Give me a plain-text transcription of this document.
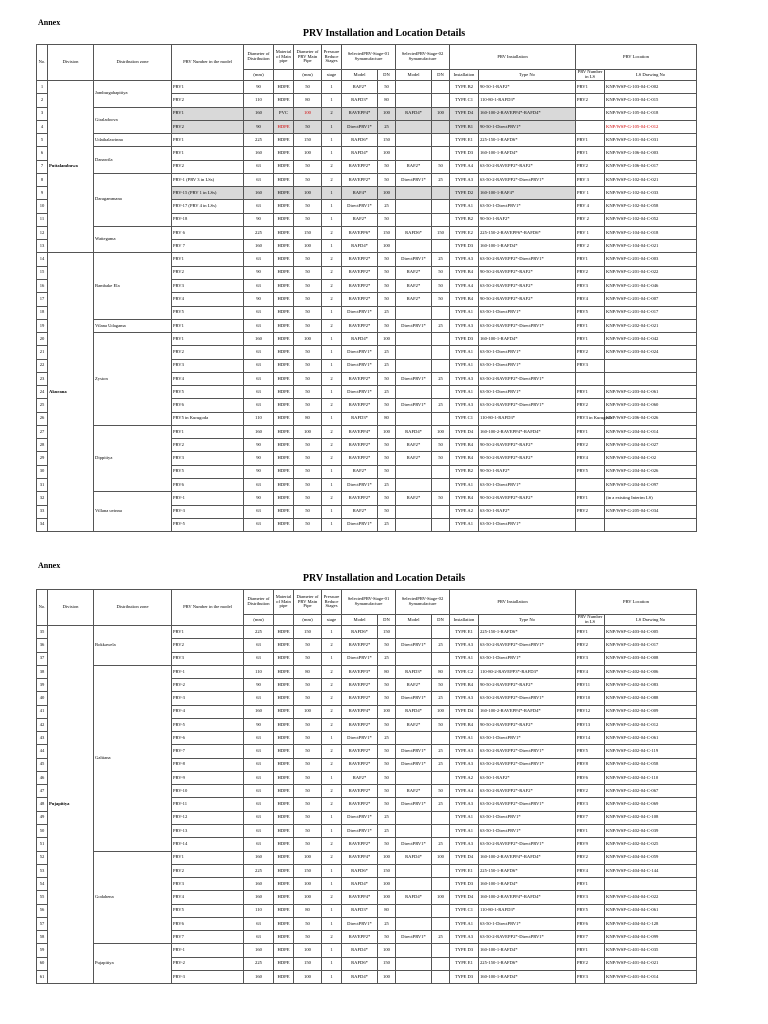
Annex
PRV Installation and Location Details
No.	Division	Distribution zone	PRV Number in the model	Diameter of Distribution	Material of Main pipe	Diameter of PRV Main Pipe	Pressure Reduce Stages	SelectedPRV-Stage-01 Symanufacture		SelectedPRV-Stage-02 Symanufacture		PRV Installation		PRV Location	

				(mm)		(mm)	stage	Model	DN	Model	DN	Installation	Type No	PRV Number in LS	LS Drawing No
1	Puttalambuwa	Jamburgahapitiya	PRV1	90	HDPE	50	1	RAF2*	50			TYPE B2	90-50-1-RAF2*	PRV1	KNP/WSP-G-103-04-C-002
2			PRV2	110	HDPE	80	1	RAFD3*	80			TYPE C1	110-80-1-RAFD3*	PRV2	KNP/WSP-G-103-04-C-015
3		Giraladoova	PRV1	160	PVC	100	2	RAVEPP4*	100	RAFD4*	100	TYPE D4	160-100-2-RAVEPP4*-RAFD4*		KNP/WSP-G-105-04-C-018
4			PRV2	90	HDPE	50	1	DirectPRV1*	25			TYPE B1	90-50-1-DirectPRV1*		KNP/WSP-G-105-04-C-012
5		Udathalawinna	PRV1	225	HDPE	150	1	RAFD6*	150			TYPE E1	225-150-1-RAFD6*	PRV1	KNP/WSP-G-101-04-C-031
6		Danawila	PRV1	160	HDPE	100	1	RAFD4*	100			TYPE D3	160-100-1-RAFD4*	PRV1	KNP/WSP-G-106-04-C-003
7			PRV2	63	HDPE	50	2	RAVEPP2*	50	RAF2*	50	TYPE A4	63-50-2-RAVEPP2*-RAF2*	PRV2	KNP/WSP-G-106-04-C-017
8		Daragammana	PRV-1 (PRV 3 in LSs)	63	HDPE	50	2	RAVEPP2*	50	DirectPRV1*	25	TYPE A3	63-50-2-RAVEPP2*-DirectPRV1*	PRV 3	KNP/WSP-G-102-04-C-021
9			PRV-15 (PRV 1 in LSs)	160	HDPE	100	1	RAF4*	100			TYPE D2	160-100-1-RAF4*	PRV 1	KNP/WSP-G-102-04-C-033
10			PRV-17 (PRV 4 in LSs)	63	HDPE	50	1	DirectPRV1*	25			TYPE A1	63-50-1-DirectPRV1*	PRV 4	KNP/WSP-G-102-04-C-058
11			PRV-18	90	HDPE	50	1	RAF2*	50			TYPE B2	90-50-1-RAF2*	PRV 2	KNP/WSP-G-102-04-C-052
12		Wattegama	PRV 6	225	HDPE	150	2	RAVEPP6*	150	RAFD6*	150	TYPE E2	225-150-2-RAVEPP6*-RAFD6*	PRV 1	KNP/WSP-G-104-04-C-018
13			PRV 7	160	HDPE	100	1	RAFD4*	100			TYPE D3	160-100-1-RAFD4*	PRV 2	KNP/WSP-G-104-04-C-021
14	Akurana	Bambake Ela	PRV1	63	HDPE	50	2	RAVEPP2*	50	DirectPRV1*	25	TYPE A3	63-50-2-RAVEPP2*-DirectPRV1*	PRV1	KNP/WSP-G-201-04-C-003
15			PRV2	90	HDPE	50	2	RAVEPP2*	50	RAF2*	50	TYPE B4	90-50-2-RAVEPP2*-RAF2*	PRV2	KNP/WSP-G-201-04-C-022
16			PRV3	63	HDPE	50	2	RAVEPP2*	50	RAF2*	50	TYPE A4	63-50-2-RAVEPP2*-RAF2*	PRV3	KNP/WSP-G-201-04-C-046
17			PRV4	90	HDPE	50	2	RAVEPP2*	50	RAF2*	50	TYPE B4	90-50-2-RAVEPP2*-RAF2*	PRV4	KNP/WSP-G-201-04-C-007
18			PRV5	63	HDPE	50	1	DirectPRV1*	25			TYPE A1	63-50-1-DirectPRV1*	PRV5	KNP/WSP-G-201-04-C-017
19		Vilana Udagama	PRV1	63	HDPE	50	2	RAVEPP2*	50	DirectPRV1*	25	TYPE A3	63-50-2-RAVEPP2*-DirectPRV1*	PRV1	KNP/WSP-G-202-04-C-021
20		Zyston	PRV1	160	HDPE	100	1	RAFD4*	100			TYPE D3	160-100-1-RAFD4*	PRV1	KNP/WSP-G-203-04-C-042
21			PRV2	63	HDPE	50	1	DirectPRV1*	25			TYPE A1	63-50-1-DirectPRV1*	PRV2	KNP/WSP-G-203-04-C-024
22			PRV3	63	HDPE	50	1	DirectPRV1*	25			TYPE A1	63-50-1-DirectPRV1*	PRV3	
23			PRV4	63	HDPE	50	2	RAVEPP2*	50	DirectPRV1*	25	TYPE A3	63-50-2-RAVEPP2*-DirectPRV1*		
24			PRV5	63	HDPE	50	1	DirectPRV1*	25			TYPE A1	63-50-1-DirectPRV1*	PRV1	KNP/WSP-G-203-04-C-061
25			PRV6	63	HDPE	50	2	RAVEPP2*	50	DirectPRV1*	25	TYPE A3	63-50-2-RAVEPP2*-DirectPRV1*	PRV2	KNP/WSP-G-203-04-C-060
26			PRV5 in Kurugoda	110	HDPE	80	1	RAFD3*	80			TYPE C1	110-80-1-RAFD3*	PRV3 in Kurugoda	KNP/WSP-G-206-04-C-026
27		Dippitiya	PRV1	160	HDPE	100	2	RAVEPP4*	100	RAFD4*	100	TYPE D4	160-100-2-RAVEPP4*-RAFD4*	PRV1	KNP/WSP-G-204-04-C-014
28			PRV2	90	HDPE	50	2	RAVEPP2*	50	RAF2*	50	TYPE B4	90-50-2-RAVEPP2*-RAF2*	PRV2	KNP/WSP-G-204-04-C-027
29			PRV3	90	HDPE	50	2	RAVEPP2*	50	RAF2*	50	TYPE B4	90-50-2-RAVEPP2*-RAF2*	PRV4	KNP/WSP-G-204-04-C-02
30			PRV5	90	HDPE	50	1	RAF2*	50			TYPE B2	90-50-1-RAF2*	PRV5	KNP/WSP-G-204-04-C-026
31			PRV6	63	HDPE	50	1	DirectPRV1*	25			TYPE A1	63-50-1-DirectPRV1*		KNP/WSP-G-204-04-C-097
32		Villana uvinna	PRV-1	90	HDPE	50	2	RAVEPP2*	50	RAF2*	50	TYPE B4	90-50-2-RAVEPP2*-RAF2*	PRV1	(in a existing Interim LS)
33			PRV-3	63	HDPE	50	1	RAF2*	50			TYPE A2	63-50-1-RAF2*	PRV2	KNP/WSP-G-205-04-C-034
34			PRV-5	63	HDPE	50	1	DirectPRV1*	25			TYPE A1	63-50-1-DirectPRV1*		
Annex
PRV Installation and Location Details
No.	Division	Distribution zone	PRV Number in the model	Diameter of Distribution	Material of Main pipe	Diameter of PRV Main Pipe	Pressure Reduce Stages	SelectedPRV-Stage-01 Symanufacture		SelectedPRV-Stage-02 Symanufacture		PRV Installation		PRV Location	

				(mm)		(mm)	stage	Model	DN	Model	DN	Installation	Type No	PRV Number in LS	LS Drawing No
35	Pujapitiya	Bokkawela	PRV1	225	HDPE	150	1	RAFD6*	150			TYPE E1	225-150-1-RAFD6*	PRV1	KNP/WSP-G-403-04-C-005
36			PRV2	63	HDPE	50	2	RAVEPP2*	50	DirectPRV1*	25	TYPE A3	63-50-2-RAVEPP2*-DirectPRV1*	PRV2	KNP/WSP-G-403-04-C-017
37			PRV3	63	HDPE	50	1	DirectPRV1*	25			TYPE A1	63-50-1-DirectPRV1*	PRV3	KNP/WSP-G-403-04-C-008
38		Galtiana	PRV-1	110	HDPE	80	2	RAVEPP3*	80	RAFD3*	80	TYPE C2	110-80-2-RAVEPP3*-RAFD3*	PRV4	KNP/WSP-G-402-04-C-006
39			PRV-2	90	HDPE	50	2	RAVEPP2*	50	RAF2*	50	TYPE B4	90-50-2-RAVEPP2*-RAF2*	PRV11	KNP/WSP-G-402-04-C-083
40			PRV-3	63	HDPE	50	2	RAVEPP2*	50	DirectPRV1*	25	TYPE A3	63-50-2-RAVEPP2*-DirectPRV1*	PRV10	KNP/WSP-G-402-04-C-088
41			PRV-4	160	HDPE	100	2	RAVEPP4*	100	RAFD4*	100	TYPE D4	160-100-2-RAVEPP4*-RAFD4*	PRV12	KNP/WSP-G-402-04-C-009
42			PRV-5	90	HDPE	50	2	RAVEPP2*	50	RAF2*	50	TYPE B4	90-50-2-RAVEPP2*-RAF2*	PRV13	KNP/WSP-G-402-04-C-012
43			PRV-6	63	HDPE	50	1	DirectPRV1*	25			TYPE A1	63-50-1-DirectPRV1*	PRV14	KNP/WSP-G-402-04-C-061
44			PRV-7	63	HDPE	50	2	RAVEPP2*	50	DirectPRV1*	25	TYPE A3	63-50-2-RAVEPP2*-DirectPRV1*	PRV5	KNP/WSP-G-402-04-C-119
45			PRV-8	63	HDPE	50	2	RAVEPP2*	50	DirectPRV1*	25	TYPE A3	63-50-2-RAVEPP2*-DirectPRV1*	PRV8	KNP/WSP-G-402-04-C-058
46			PRV-9	63	HDPE	50	1	RAF2*	50			TYPE A2	63-50-1-RAF2*	PRV6	KNP/WSP-G-402-04-C-110
47			PRV-10	63	HDPE	50	2	RAVEPP2*	50	RAF2*	50	TYPE A4	63-50-2-RAVEPP2*-RAF2*	PRV2	KNP/WSP-G-402-04-C-067
48			PRV-11	63	HDPE	50	2	RAVEPP2*	50	DirectPRV1*	25	TYPE A3	63-50-2-RAVEPP2*-DirectPRV1*	PRV3	KNP/WSP-G-402-04-C-069
49			PRV-12	63	HDPE	50	1	DirectPRV1*	25			TYPE A1	63-50-1-DirectPRV1*	PRV7	KNP/WSP-G-402-04-C-108
50			PRV-13	63	HDPE	50	1	DirectPRV1*	25			TYPE A1	63-50-1-DirectPRV1*	PRV1	KNP/WSP-G-402-04-C-039
51			PRV-14	63	HDPE	50	2	RAVEPP2*	50	DirectPRV1*	25	TYPE A3	63-50-2-RAVEPP2*-DirectPRV1*	PRV9	KNP/WSP-G-402-04-C-025
52		Godahena	PRV1	160	HDPE	100	2	RAVEPP4*	100	RAFD4*	100	TYPE D4	160-100-2-RAVEPP4*-RAFD4*	PRV2	KNP/WSP-G-404-04-C-059
53			PRV2	225	HDPE	150	1	RAFD6*	150			TYPE E1	225-150-1-RAFD6*	PRV4	KNP/WSP-G-404-04-C-144
54			PRV3	160	HDPE	100	1	RAFD4*	100			TYPE D3	160-100-1-RAFD4*	PRV1	
55			PRV4	160	HDPE	100	2	RAVEPP4*	100	RAFD4*	100	TYPE D4	160-100-2-RAVEPP4*-RAFD4*	PRV3	KNP/WSP-G-404-04-C-022
56			PRV5	110	HDPE	80	1	RAFD3*	80			TYPE C1	110-80-1-RAFD3*	PRV5	KNP/WSP-G-404-04-C-061
57			PRV6	63	HDPE	50	1	DirectPRV1*	25			TYPE A1	63-50-1-DirectPRV1*	PRV6	KNP/WSP-G-404-04-C-128
58			PRV7	63	HDPE	50	2	RAVEPP2*	50	DirectPRV1*	25	TYPE A3	63-50-2-RAVEPP2*-DirectPRV1*	PRV7	KNP/WSP-G-404-04-C-099
59		Pujapitiya	PRV-1	160	HDPE	100	1	RAFD4*	100			TYPE D3	160-100-1-RAFD4*	PRV1	KNP/WSP-G-401-04-C-035
60			PRV-2	225	HDPE	150	1	RAFD6*	150			TYPE E1	225-150-1-RAFD6*	PRV2	KNP/WSP-G-401-04-C-021
61			PRV-3	160	HDPE	100	1	RAFD4*	100			TYPE D3	160-100-1-RAFD4*	PRV3	KNP/WSP-G-401-04-C-014
